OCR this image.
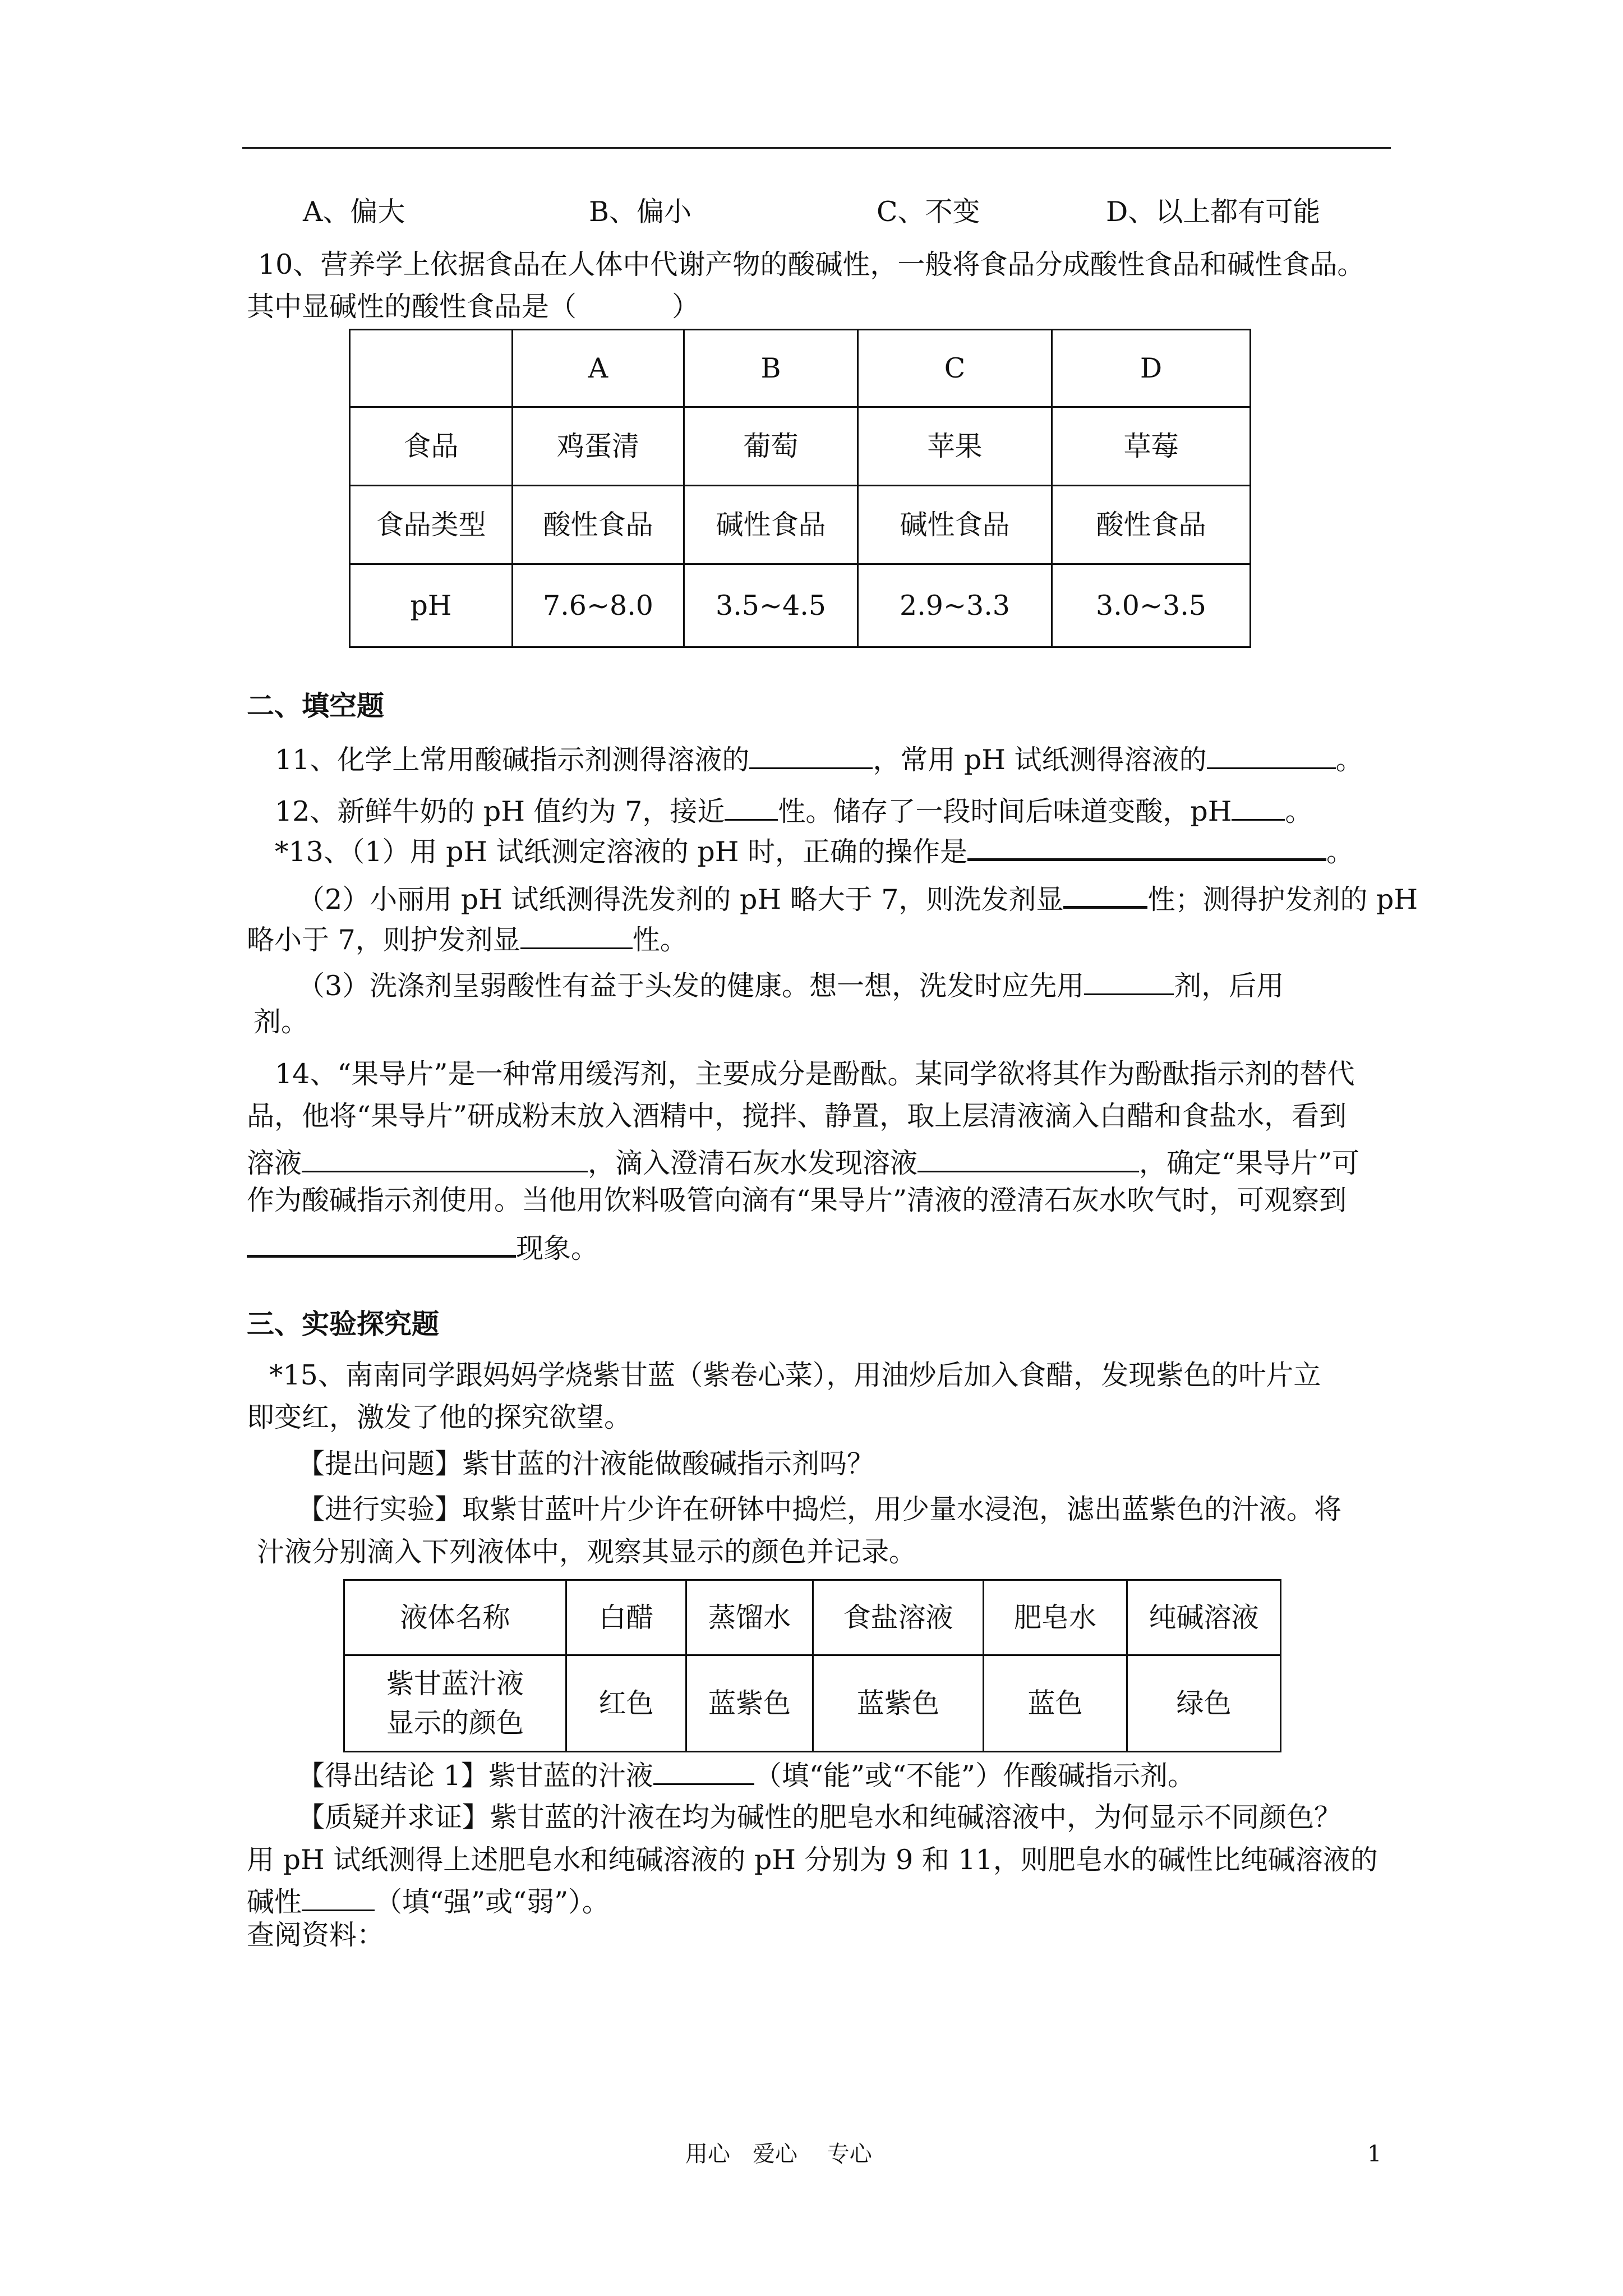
A、偏大	B、偏小	C、不变	D、以上都有可能
10、营养学上依据食品在人体中代谢产物的酸碱性，一般将食品分成酸性食品和碱性食品。
其中显碱性的酸性食品是（	）
	A	B	C	D
食品	鸡蛋清	葡萄	苹果	草莓
食品类型	酸性食品	碱性食品	碱性食品	酸性食品
pH	7.6~8.0	3.5~4.5	2.9~3.3	3.0~3.5
二、填空题
11、化学上常用酸碱指示剂测得溶液的	，常用 pH 试纸测得溶液的	。
12、新鲜牛奶的 pH 值约为 7，接近 性。储存了一段时间后味道变酸，pH 。
*13、（1）用 pH 试纸测定溶液的 pH 时，正确的操作是	。
（2）小丽用 pH 试纸测得洗发剂的 pH 略大于 7，则洗发剂显	性；测得护发剂的 pH
略小于 7，则护发剂显	性。
（3）洗涤剂呈弱酸性有益于头发的健康。想一想，洗发时应先用	剂，后用
剂。
14、“果导片”是一种常用缓泻剂，主要成分是酚酞。某同学欲将其作为酚酞指示剂的替代
品，他将“果导片”研成粉末放入酒精中，搅拌、静置，取上层清液滴入白醋和食盐水，看到
溶液	，滴入澄清石灰水发现溶液	，确定“果导片”可
作为酸碱指示剂使用。当他用饮料吸管向滴有“果导片”清液的澄清石灰水吹气时，可观察到
现象。
三、实验探究题
*15、南南同学跟妈妈学烧紫甘蓝（紫卷心菜），用油炒后加入食醋，发现紫色的叶片立
即变红，激发了他的探究欲望。
【提出问题】紫甘蓝的汁液能做酸碱指示剂吗？
【进行实验】取紫甘蓝叶片少许在研钵中捣烂，用少量水浸泡，滤出蓝紫色的汁液。将
汁液分别滴入下列液体中，观察其显示的颜色并记录。
液体名称	白醋	蒸馏水	食盐溶液	肥皂水	纯碱溶液

紫甘蓝汁液
显示的颜色	红色	蓝紫色	蓝紫色	蓝色	绿色
【得出结论 1】紫甘蓝的汁液	（填“能”或“不能”）作酸碱指示剂。
【质疑并求证】紫甘蓝的汁液在均为碱性的肥皂水和纯碱溶液中，为何显示不同颜色？
用 pH 试纸测得上述肥皂水和纯碱溶液的 pH 分别为 9 和 11，则肥皂水的碱性比纯碱溶液的
碱性	（填“强”或“弱”）。
查阅资料：
用心　爱心　 专心	1
